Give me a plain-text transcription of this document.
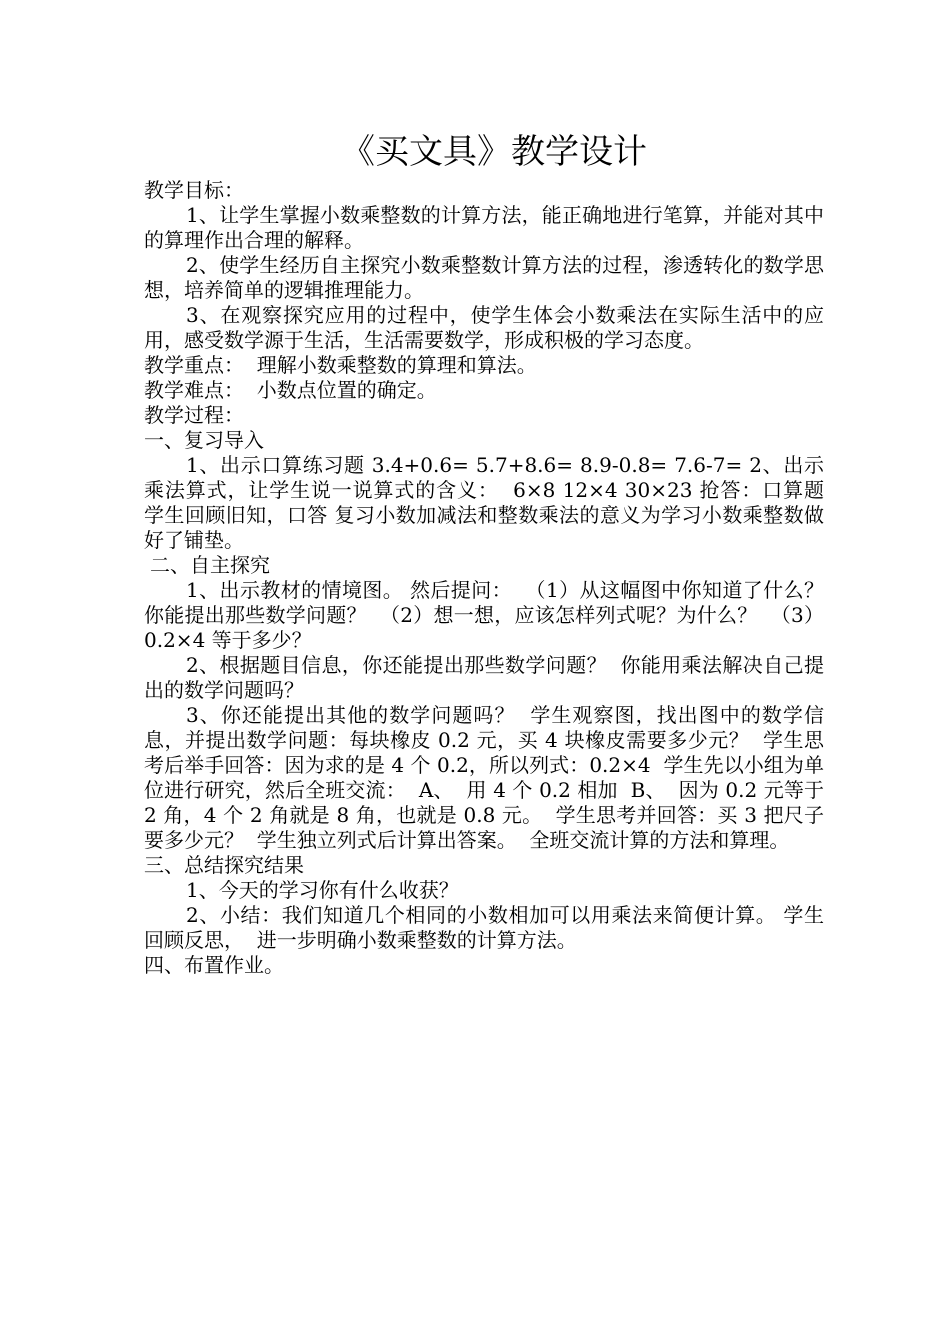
《买文具》教学设计

教学目标：

1、让学生掌握小数乘整数的计算方法，能正确地进行笔算，并能对其中的算理作出合理的解释。

2、使学生经历自主探究小数乘整数计算方法的过程，渗透转化的数学思想，培养简单的逻辑推理能力。

3、在观察探究应用的过程中，使学生体会小数乘法在实际生活中的应用，感受数学源于生活，生活需要数学，形成积极的学习态度。

教学重点：  理解小数乘整数的算理和算法。

教学难点：  小数点位置的确定。

教学过程：

一、复习导入

1、出示口算练习题 3.4+0.6= 5.7+8.6= 8.9-0.8= 7.6-7= 2、出示乘法算式，让学生说一说算式的含义：  6×8 12×4 30×23 抢答：口算题 学生回顾旧知，口答 复习小数加减法和整数乘法的意义为学习小数乘整数做好了铺垫。

二、自主探究

1、出示教材的情境图。 然后提问：  （1）从这幅图中你知道了什么？你能提出那些数学问题？  （2）想一想，应该怎样列式呢？为什么？  （3）0.2×4 等于多少？

2、根据题目信息，你还能提出那些数学问题？  你能用乘法解决自己提出的数学问题吗？

3、你还能提出其他的数学问题吗？  学生观察图，找出图中的数学信息，并提出数学问题：每块橡皮 0.2 元，买 4 块橡皮需要多少元？  学生思考后举手回答：因为求的是 4 个 0.2，所以列式：0.2×4  学生先以小组为单位进行研究，然后全班交流：  A、  用 4 个 0.2 相加  B、  因为 0.2 元等于 2 角，4 个 2 角就是 8 角，也就是 0.8 元。  学生思考并回答：买 3 把尺子要多少元？  学生独立列式后计算出答案。  全班交流计算的方法和算理。

三、总结探究结果

1、今天的学习你有什么收获？

2、小结：我们知道几个相同的小数相加可以用乘法来简便计算。 学生回顾反思，  进一步明确小数乘整数的计算方法。

四、布置作业。
